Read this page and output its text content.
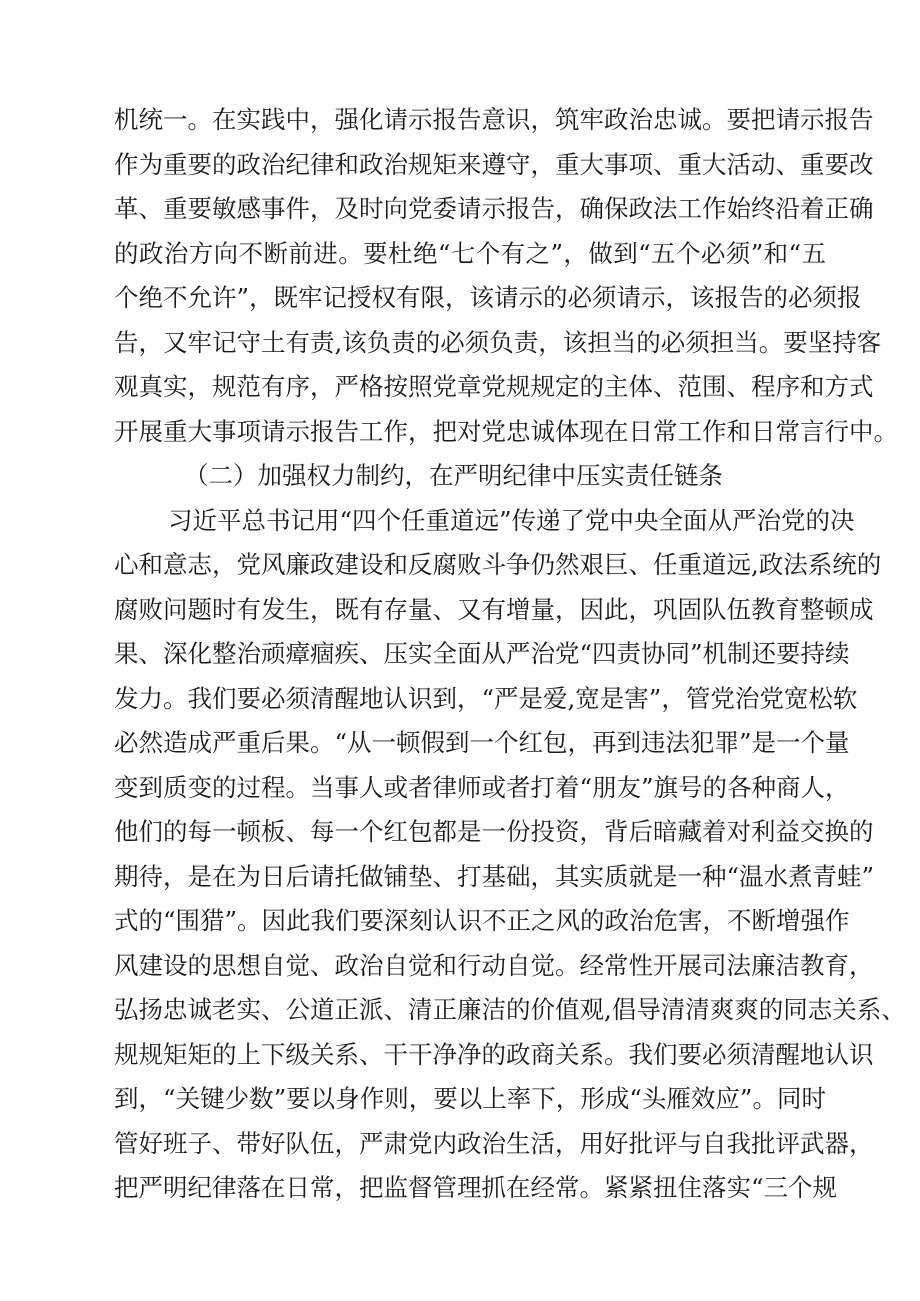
机统一。在实践中，强化请示报告意识，筑牢政治忠诚。要把请示报告
作为重要的政治纪律和政治规矩来遵守，重大事项、重大活动、重要改
革、重要敏感事件，及时向党委请示报告，确保政法工作始终沿着正确
的政治方向不断前进。要杜绝“七个有之”，做到“五个必须”和“五
个绝不允许”，既牢记授权有限，该请示的必须请示，该报告的必须报
告，又牢记守土有责,该负责的必须负责，该担当的必须担当。要坚持客
观真实，规范有序，严格按照党章党规规定的主体、范围、程序和方式
开展重大事项请示报告工作，把对党忠诚体现在日常工作和日常言行中。
（二）加强权力制约，在严明纪律中压实责任链条
习近平总书记用“四个任重道远”传递了党中央全面从严治党的决
心和意志，党风廉政建设和反腐败斗争仍然艰巨、任重道远,政法系统的
腐败问题时有发生，既有存量、又有增量，因此，巩固队伍教育整顿成
果、深化整治顽瘴痼疾、压实全面从严治党“四责协同”机制还要持续
发力。我们要必须清醒地认识到，“严是爱,宽是害”，管党治党宽松软
必然造成严重后果。“从一顿假到一个红包，再到违法犯罪”是一个量
变到质变的过程。当事人或者律师或者打着“朋友”旗号的各种商人，
他们的每一顿板、每一个红包都是一份投资，背后暗藏着对利益交换的
期待，是在为日后请托做铺垫、打基础，其实质就是一种“温水煮青蛙”
式的“围猎”。因此我们要深刻认识不正之风的政治危害，不断增强作
风建设的思想自觉、政治自觉和行动自觉。经常性开展司法廉洁教育，
弘扬忠诚老实、公道正派、清正廉洁的价值观,倡导清清爽爽的同志关系、
规规矩矩的上下级关系、干干净净的政商关系。我们要必须清醒地认识
到，“关键少数”要以身作则，要以上率下，形成“头雁效应”。同时
管好班子、带好队伍，严肃党内政治生活，用好批评与自我批评武器，
把严明纪律落在日常，把监督管理抓在经常。紧紧扭住落实“三个规
